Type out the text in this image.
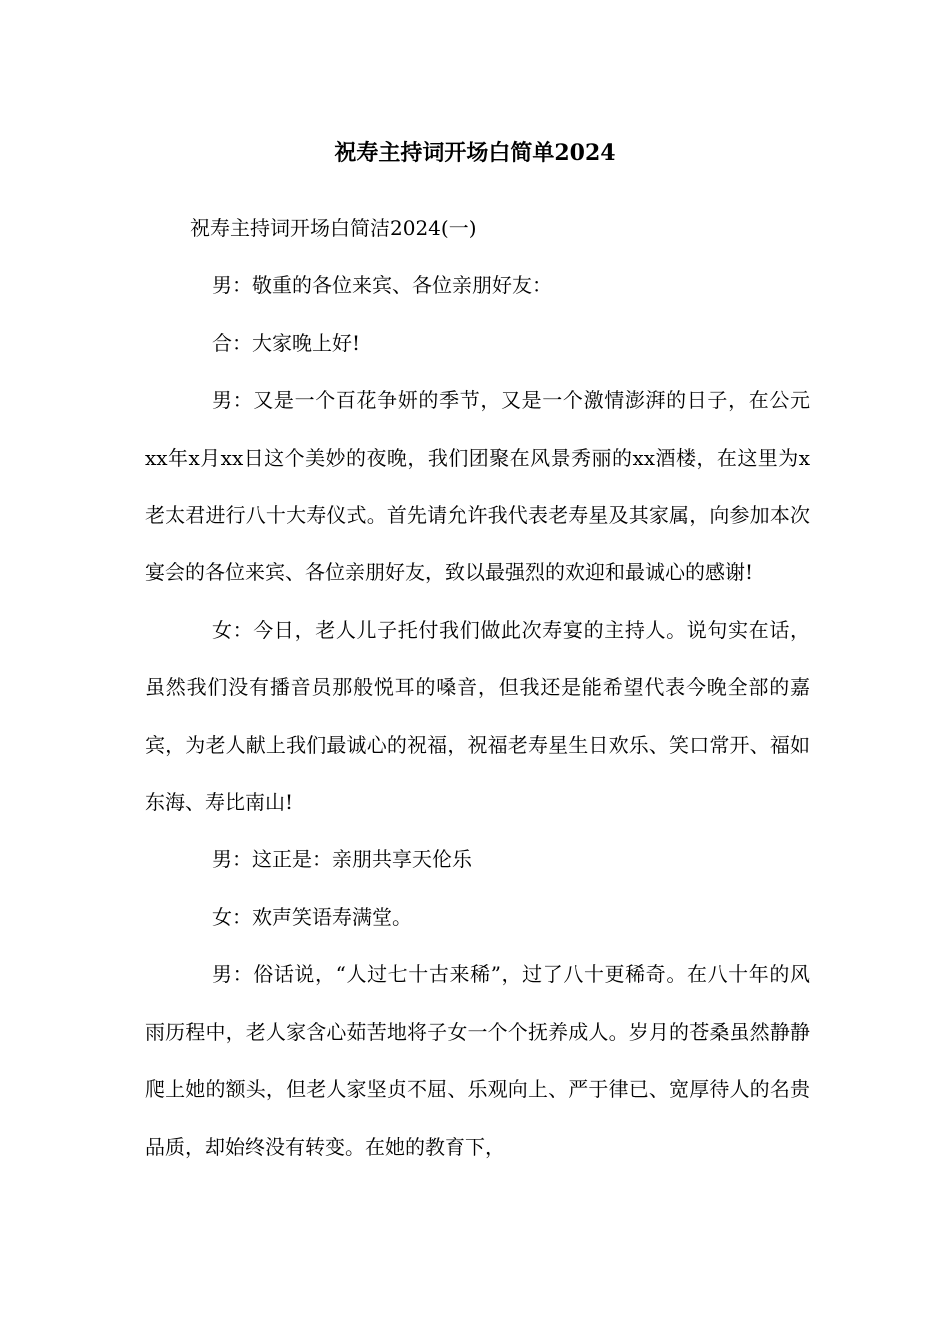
祝寿主持词开场白简单2024

祝寿主持词开场白简洁2024(一)

男：敬重的各位来宾、各位亲朋好友：

合：大家晚上好!

男：又是一个百花争妍的季节，又是一个激情澎湃的日子，在公元xx年x月xx日这个美妙的夜晚，我们团聚在风景秀丽的xx酒楼，在这里为x老太君进行八十大寿仪式。首先请允许我代表老寿星及其家属，向参加本次宴会的各位来宾、各位亲朋好友，致以最强烈的欢迎和最诚心的感谢!

女：今日，老人儿子托付我们做此次寿宴的主持人。说句实在话，虽然我们没有播音员那般悦耳的嗓音，但我还是能希望代表今晚全部的嘉宾，为老人献上我们最诚心的祝福，祝福老寿星生日欢乐、笑口常开、福如东海、寿比南山!

男：这正是：亲朋共享天伦乐

女：欢声笑语寿满堂。

男：俗话说，“人过七十古来稀”，过了八十更稀奇。在八十年的风雨历程中，老人家含心茹苦地将子女一个个抚养成人。岁月的苍桑虽然静静爬上她的额头，但老人家坚贞不屈、乐观向上、严于律已、宽厚待人的名贵品质，却始终没有转变。在她的教育下，
